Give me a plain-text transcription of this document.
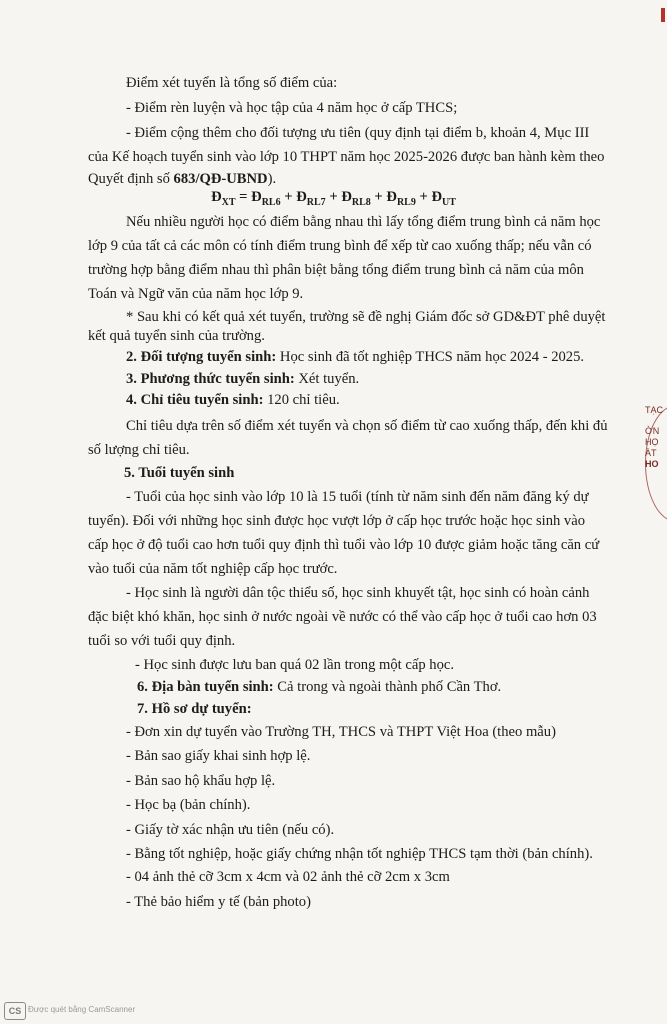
Điểm xét tuyển là tổng số điểm của:
- Điểm rèn luyện và học tập của 4 năm học ở cấp THCS;
- Điểm cộng thêm cho đối tượng ưu tiên (quy định tại điểm b, khoản 4, Mục III
của Kế hoạch tuyển sinh vào lớp 10 THPT năm học 2025-2026 được ban hành kèm theo
Quyết định số 683/QĐ-UBND).
$Đ_{XT}$ = $Đ_{RL6}$ + $Đ_{RL7}$ + $Đ_{RL8}$ + $Đ_{RL9}$ + $Đ_{UT}$
Nếu nhiều người học có điểm bằng nhau thì lấy tổng điểm trung bình cả năm học
lớp 9 của tất cả các môn có tính điểm trung bình để xếp từ cao xuống thấp; nếu vẫn có
trường hợp bằng điểm nhau thì phân biệt bằng tổng điểm trung bình cả năm của môn
Toán và Ngữ văn của năm học lớp 9.
* Sau khi có kết quả xét tuyển, trường sẽ đề nghị Giám đốc sở GD&ĐT phê duyệt
kết quả tuyển sinh của trường.
2. Đối tượng tuyển sinh: Học sinh đã tốt nghiệp THCS năm học 2024 - 2025.
3. Phương thức tuyển sinh: Xét tuyển.
4. Chỉ tiêu tuyển sinh: 120 chỉ tiêu.
Chỉ tiêu dựa trên số điểm xét tuyển và chọn số điểm từ cao xuống thấp, đến khi đủ
số lượng chỉ tiêu.
5. Tuổi tuyển sinh
- Tuổi của học sinh vào lớp 10 là 15 tuổi (tính từ năm sinh đến năm đăng ký dự
tuyển). Đối với những học sinh được học vượt lớp ở cấp học trước hoặc học sinh vào
cấp học ở độ tuổi cao hơn tuổi quy định thì tuổi vào lớp 10 được giảm hoặc tăng căn cứ
vào tuổi của năm tốt nghiệp cấp học trước.
- Học sinh là người dân tộc thiểu số, học sinh khuyết tật, học sinh có hoàn cảnh
đặc biệt khó khăn, học sinh ở nước ngoài về nước có thể vào cấp học ở tuổi cao hơn 03
tuổi so với tuổi quy định.
- Học sinh được lưu ban quá 02 lần trong một cấp học.
6. Địa bàn tuyển sinh: Cả trong và ngoài thành phố Cần Thơ.
7. Hồ sơ dự tuyển:
- Đơn xin dự tuyển vào Trường TH, THCS và THPT Việt Hoa (theo mẫu)
- Bản sao giấy khai sinh hợp lệ.
- Bản sao hộ khẩu hợp lệ.
- Học bạ (bản chính).
- Giấy tờ xác nhận ưu tiên (nếu có).
- Bằng tốt nghiệp, hoặc giấy chứng nhận tốt nghiệp THCS tạm thời (bản chính).
- 04 ảnh thẻ cỡ 3cm x 4cm và 02 ảnh thẻ cỡ 2cm x 3cm
- Thẻ bảo hiểm y tế (bản photo)
TẠC
ỜN
HỌ
ÀT
HO
CS Được quét bằng CamScanner
